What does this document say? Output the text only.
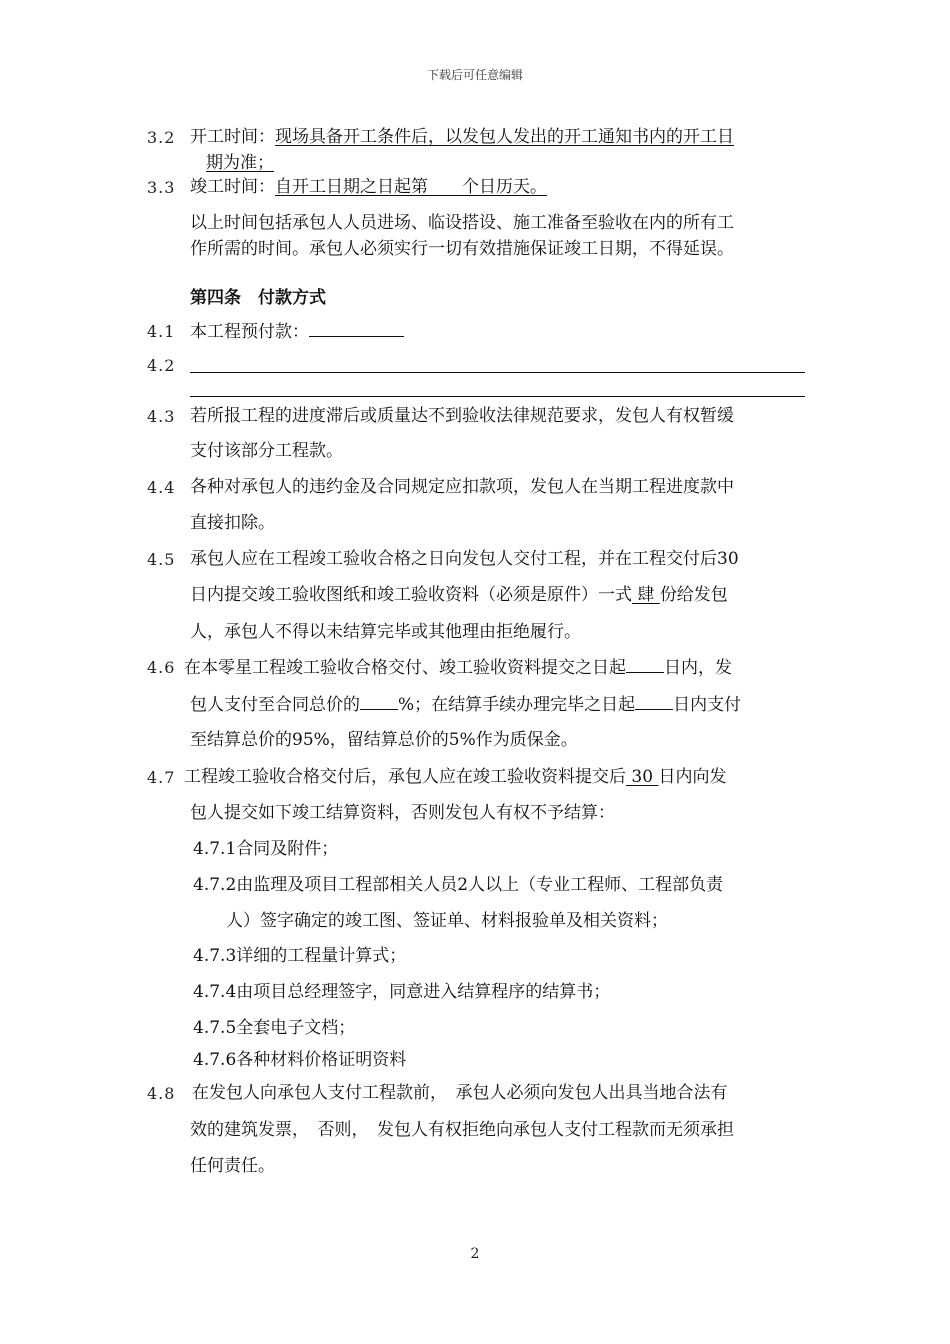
下载后可任意编辑
3.2 开工时间：现场具备开工条件后，以发包人发出的开工通知书内的开工日
期为准；
3.3 竣工时间：自开工日期之日起第　　 个日历天。
以上时间包括承包人人员进场、临设搭设、施工准备至验收在内的所有工
作所需的时间。承包人必须实行一切有效措施保证竣工日期，不得延误。
第四条　付款方式
4.1 本工程预付款：
4.2
4.3 若所报工程的进度滞后或质量达不到验收法律规范要求，发包人有权暂缓
支付该部分工程款。
4.4 各种对承包人的违约金及合同规定应扣款项，发包人在当期工程进度款中
直接扣除。
4.5 承包人应在工程竣工验收合格之日向发包人交付工程，并在工程交付后30
日内提交竣工验收图纸和竣工验收资料（必须是原件）一式 肆 份给发包
人，承包人不得以未结算完毕或其他理由拒绝履行。
4.6 在本零星工程竣工验收合格交付、竣工验收资料提交之日起 日内，发
包人支付至合同总价的 %；在结算手续办理完毕之日起 日内支付
至结算总价的95%，留结算总价的5%作为质保金。
4.7 工程竣工验收合格交付后，承包人应在竣工验收资料提交后 30 日内向发
包人提交如下竣工结算资料，否则发包人有权不予结算：
4.7.1合同及附件；
4.7.2由监理及项目工程部相关人员2人以上（专业工程师、工程部负责
人）签字确定的竣工图、签证单、材料报验单及相关资料；
4.7.3详细的工程量计算式；
4.7.4由项目总经理签字，同意进入结算程序的结算书；
4.7.5全套电子文档；
4.7.6各种材料价格证明资料
4.8 在发包人向承包人支付工程款前，　承包人必须向发包人出具当地合法有
效的建筑发票，　否则，　发包人有权拒绝向承包人支付工程款而无须承担
任何责任。
2
